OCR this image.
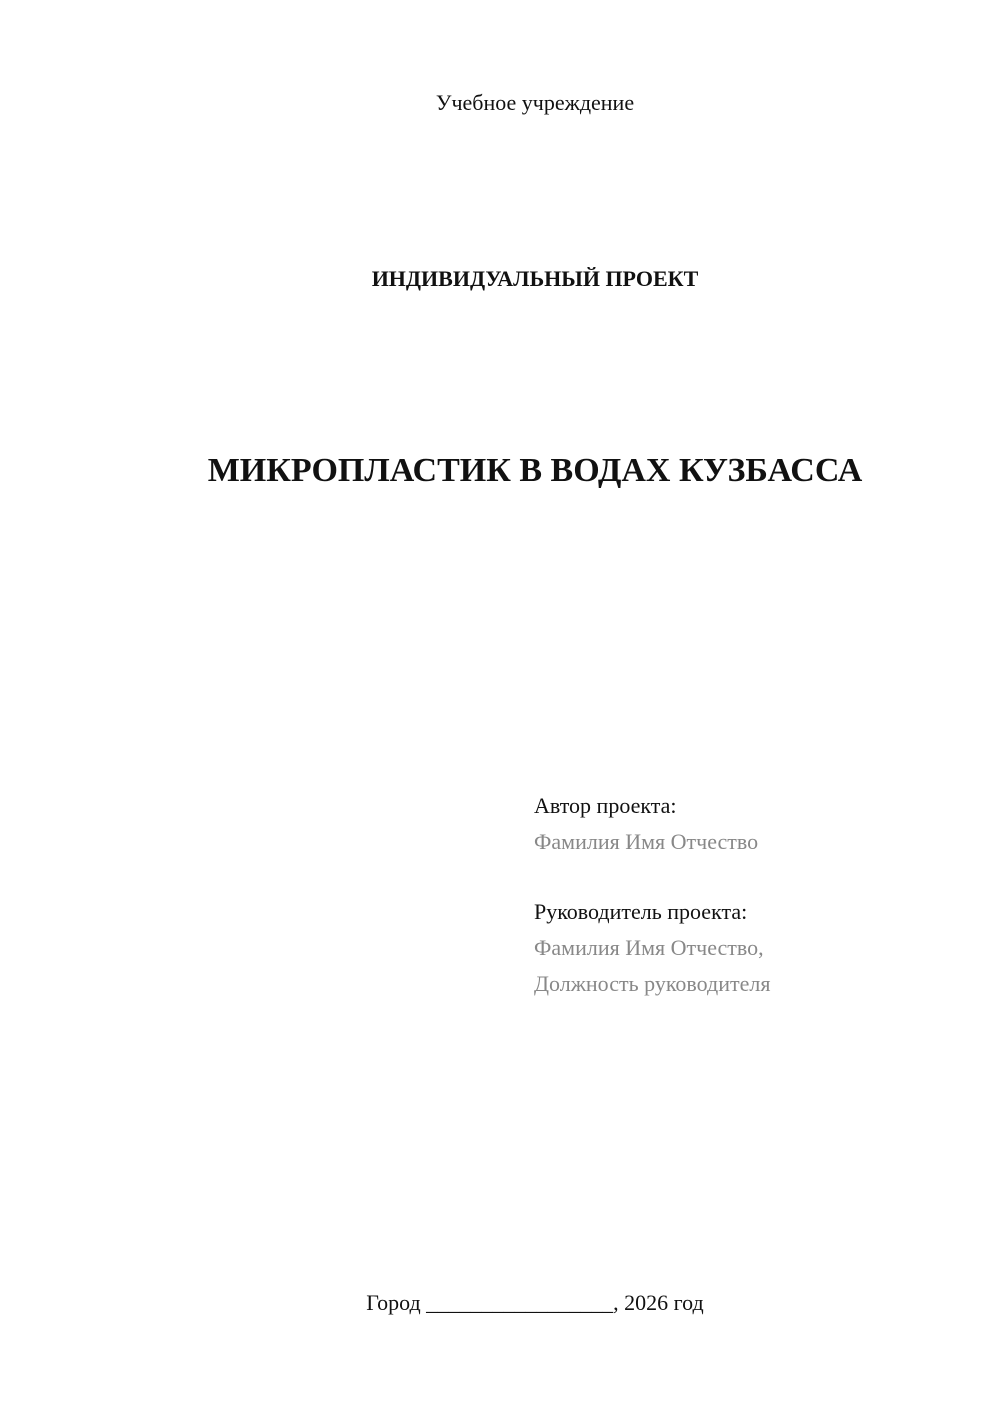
Учебное учреждение
ИНДИВИДУАЛЬНЫЙ ПРОЕКТ
МИКРОПЛАСТИК В ВОДАХ КУЗБАССА
Автор проекта:
Фамилия Имя Отчество
Руководитель проекта:
Фамилия Имя Отчество,
Должность руководителя
Город _________________, 2026 год
